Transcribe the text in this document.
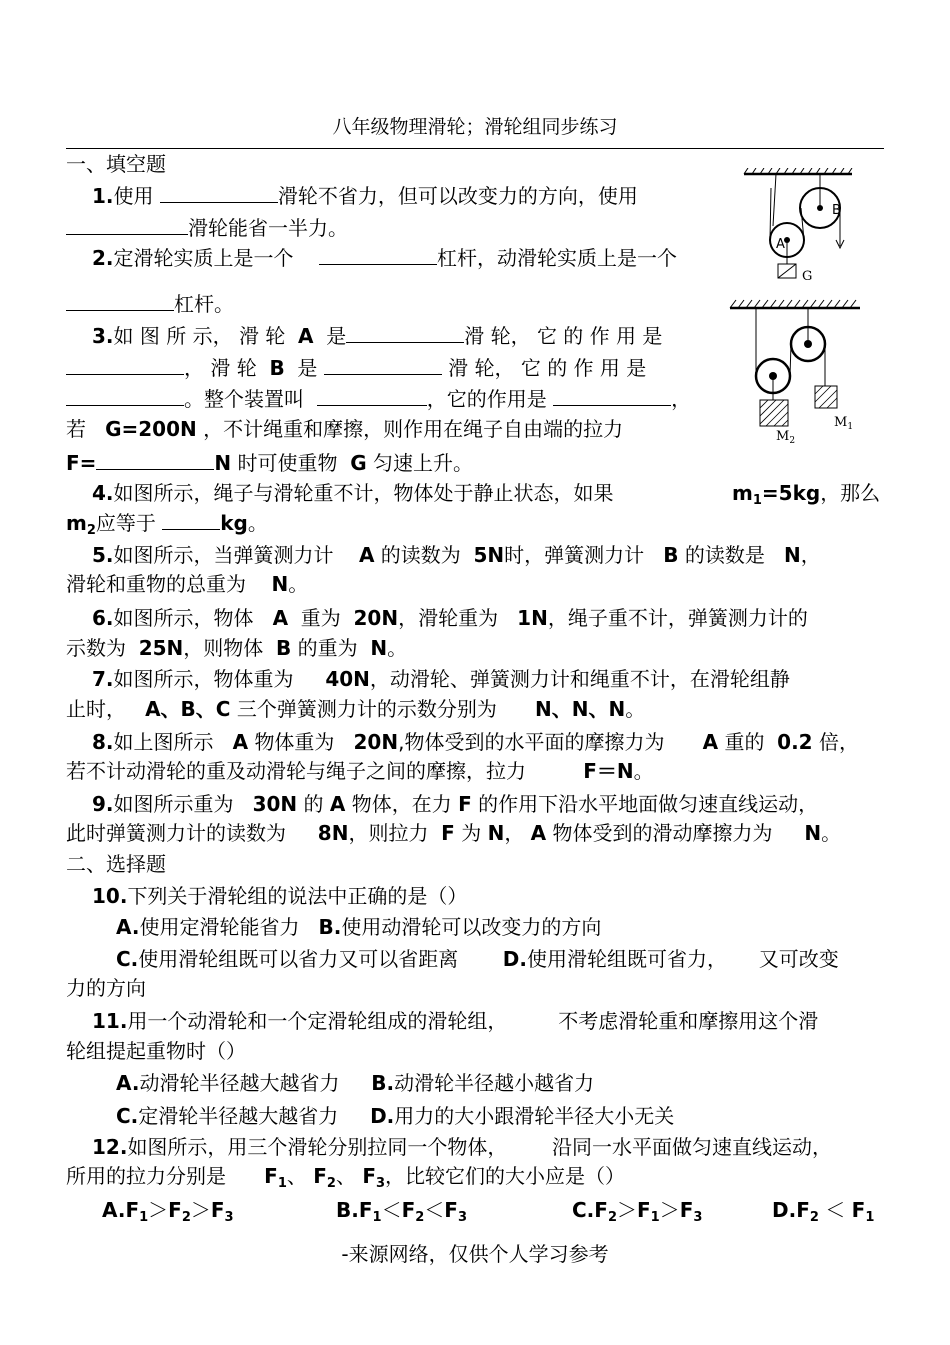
八年级物理滑轮；滑轮组同步练习
一、填空题
1.使用	滑轮不省力，但可以改变力的方向，使用
滑轮能省一半力。
2.定滑轮实质上是一个	杠杆，动滑轮实质上是一个
杠杆。
3.如 图 所 示， 滑 轮 A 是	滑 轮， 它 的 作 用 是
， 滑 轮 B 是	滑 轮， 它 的 作 用 是
。整个装置叫	，它的作用是	，
若 G=200N ，不计绳重和摩擦，则作用在绳子自由端的拉力
F=	N 时可使重物 G 匀速上升。
4.如图所示，绳子与滑轮重不计，物体处于静止状态，如果	$m_1=5kg$，那么
$m_2$应等于	kg。
5.如图所示，当弹簧测力计 A 的读数为 5N时，弹簧测力计 B 的读数是 N，
滑轮和重物的总重为 N。
6.如图所示，物体 A 重为 20N，滑轮重为 1N，绳子重不计，弹簧测力计的
示数为 25N，则物体 B 的重为 N。
7.如图所示，物体重为 40N，动滑轮、弹簧测力计和绳重不计，在滑轮组静
止时， A、B、C 三个弹簧测力计的示数分别为 N、N、N。
8.如上图所示 A 物体重为 20N,物体受到的水平面的摩擦力为 A 重的 0.2 倍，
若不计动滑轮的重及动滑轮与绳子之间的摩擦，拉力	F＝N。
9.如图所示重为 30N 的 A 物体，在力 F 的作用下沿水平地面做匀速直线运动，
此时弹簧测力计的读数为 8N，则拉力 F 为 N， A 物体受到的滑动摩擦力为 N。
二、选择题
10.下列关于滑轮组的说法中正确的是（）
A.使用定滑轮能省力 B.使用动滑轮可以改变力的方向
C.使用滑轮组既可以省力又可以省距离 D.使用滑轮组既可省力， 又可改变
力的方向
11.用一个动滑轮和一个定滑轮组成的滑轮组，	不考虑滑轮重和摩擦用这个滑
轮组提起重物时（）
A.动滑轮半径越大越省力 B.动滑轮半径越小越省力
C.定滑轮半径越大越省力 D.用力的大小跟滑轮半径大小无关
12.如图所示，用三个滑轮分别拉同一个物体， 沿同一水平面做匀速直线运动，
所用的拉力分别是 $F_1$、 $F_2$、 $F_3$，比较它们的大小应是（）
$A.F_1>F_2>F_3$	$B.F_1<F_2<F_3$	$C.F_2>F_1>F_3$	$D.F_2 < F_1$
A
B
G
$M_2$
$M_1$
-来源网络，仅供个人学习参考
